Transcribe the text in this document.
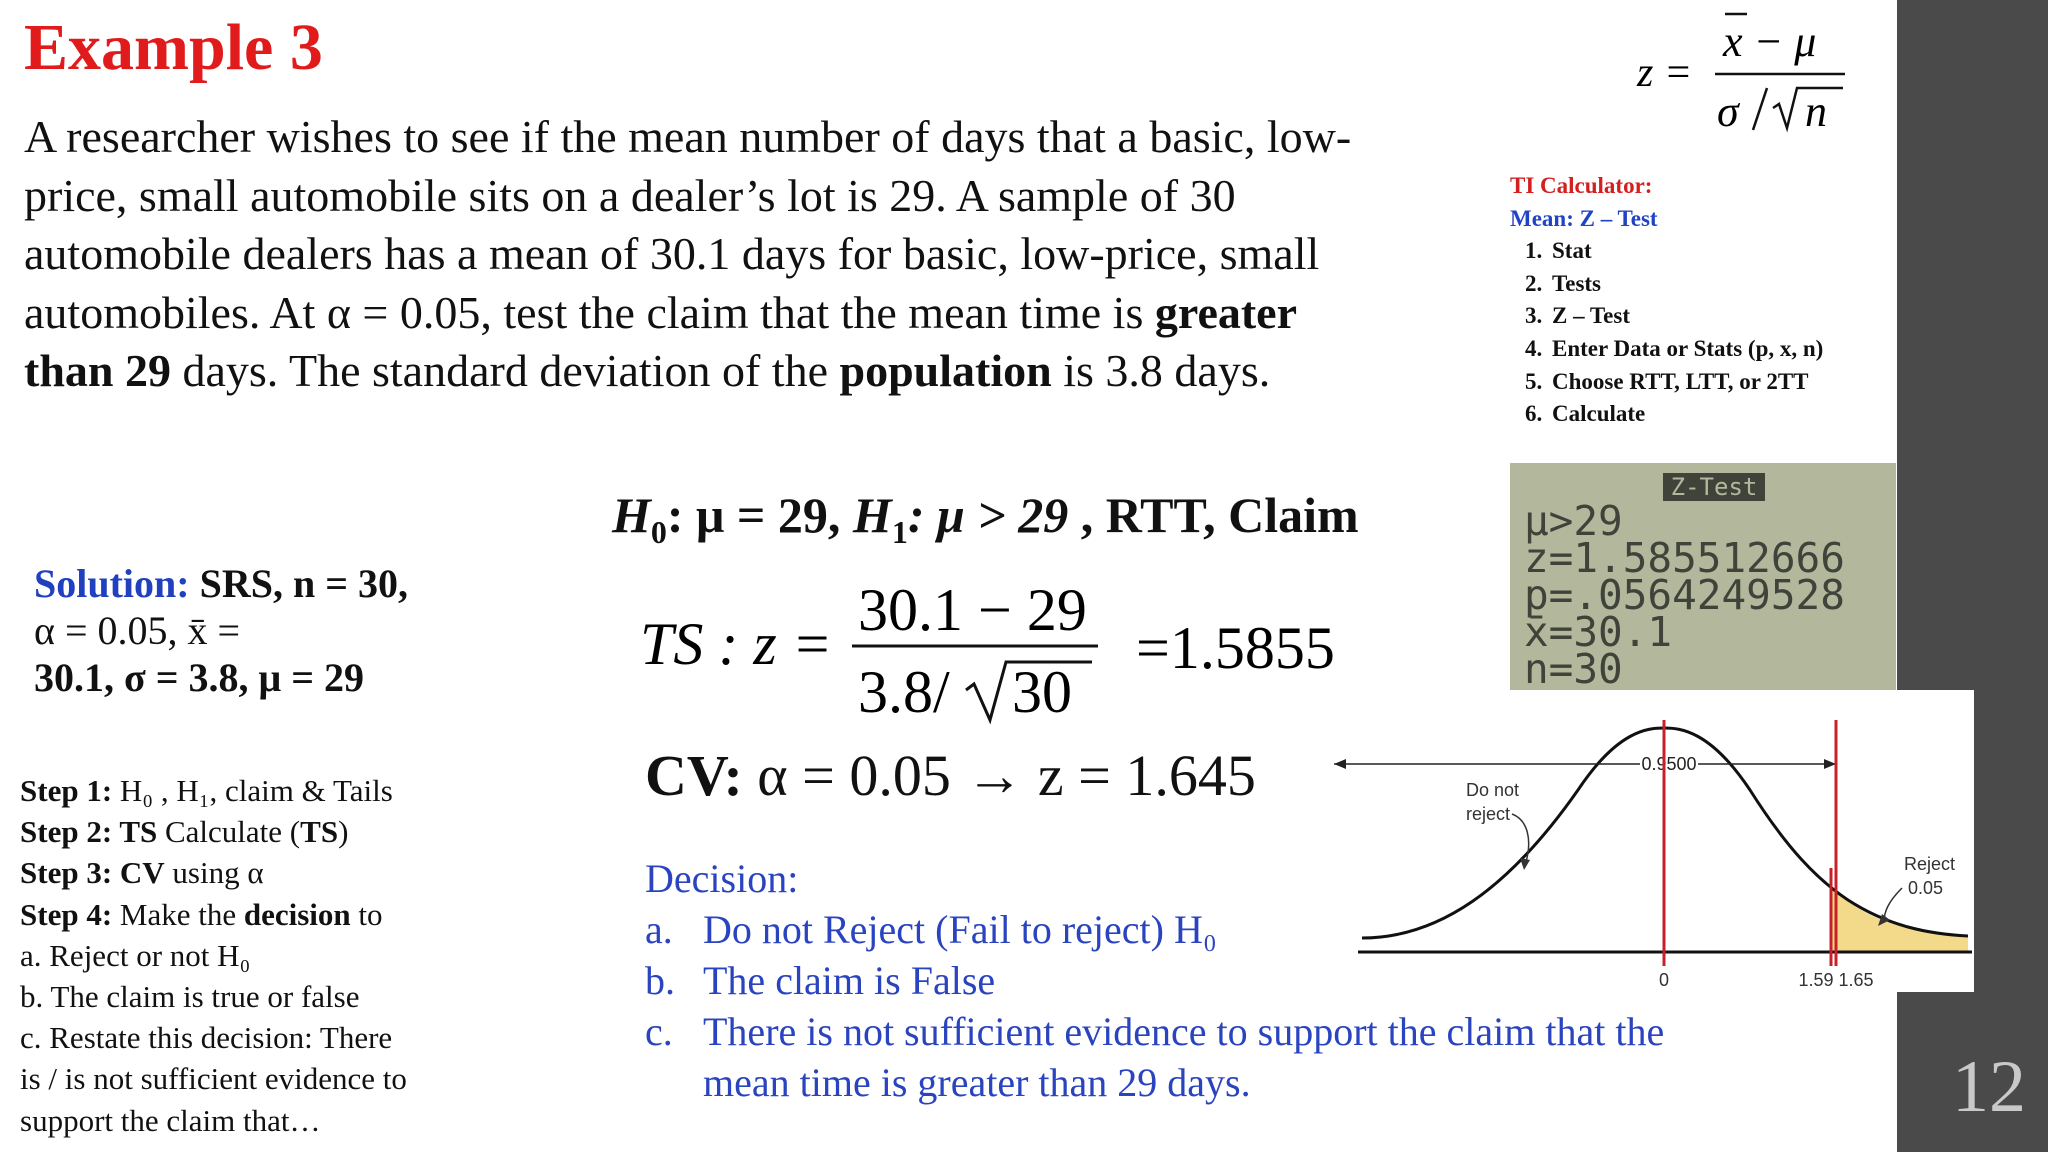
12
Example 3
A researcher wishes to see if the mean number of days that a basic, low-price, small automobile sits on a dealer’s lot is 29. A sample of 30 automobile dealers has a mean of 30.1 days for basic, low-price, small automobiles. At α = 0.05, test the claim that the mean time is greater than 29 days. The standard deviation of the population is 3.8 days.
z =
x − μ
σ n
TI Calculator:
Mean: Z – Test
1. Stat
2. Tests
3. Z – Test
4. Enter Data or Stats (p, x, n)
5. Choose RTT, LTT, or 2TT
6. Calculate
Z-Test
μ>29
z=1.585512666
p=.0564249528
x̄=30.1
n=30
$H_0$: μ = 29, $H_1$: μ > 29 , RTT, Claim
Solution: SRS, n = 30,
α = 0.05, x̄ =
30.1, σ = 3.8, μ = 29
TS : z =
30.1 − 29
3.8/ 30
=1.5855
CV: α = 0.05 → z = 1.645
Step 1: H₀ , H₁, claim & Tails
Step 2: TS Calculate (TS)
Step 3: CV using α
Step 4: Make the decision to
a. Reject or not H₀
b. The claim is true or false
c. Restate this decision: There
is / is not sufficient evidence to
support the claim that…
Decision:
a. Do not Reject (Fail to reject) H₀
b. The claim is False
c. There is not sufficient evidence to support the claim that the mean time is greater than 29 days.
0.9500
Do not
reject
Reject
0.05
0	1.59 1.65
